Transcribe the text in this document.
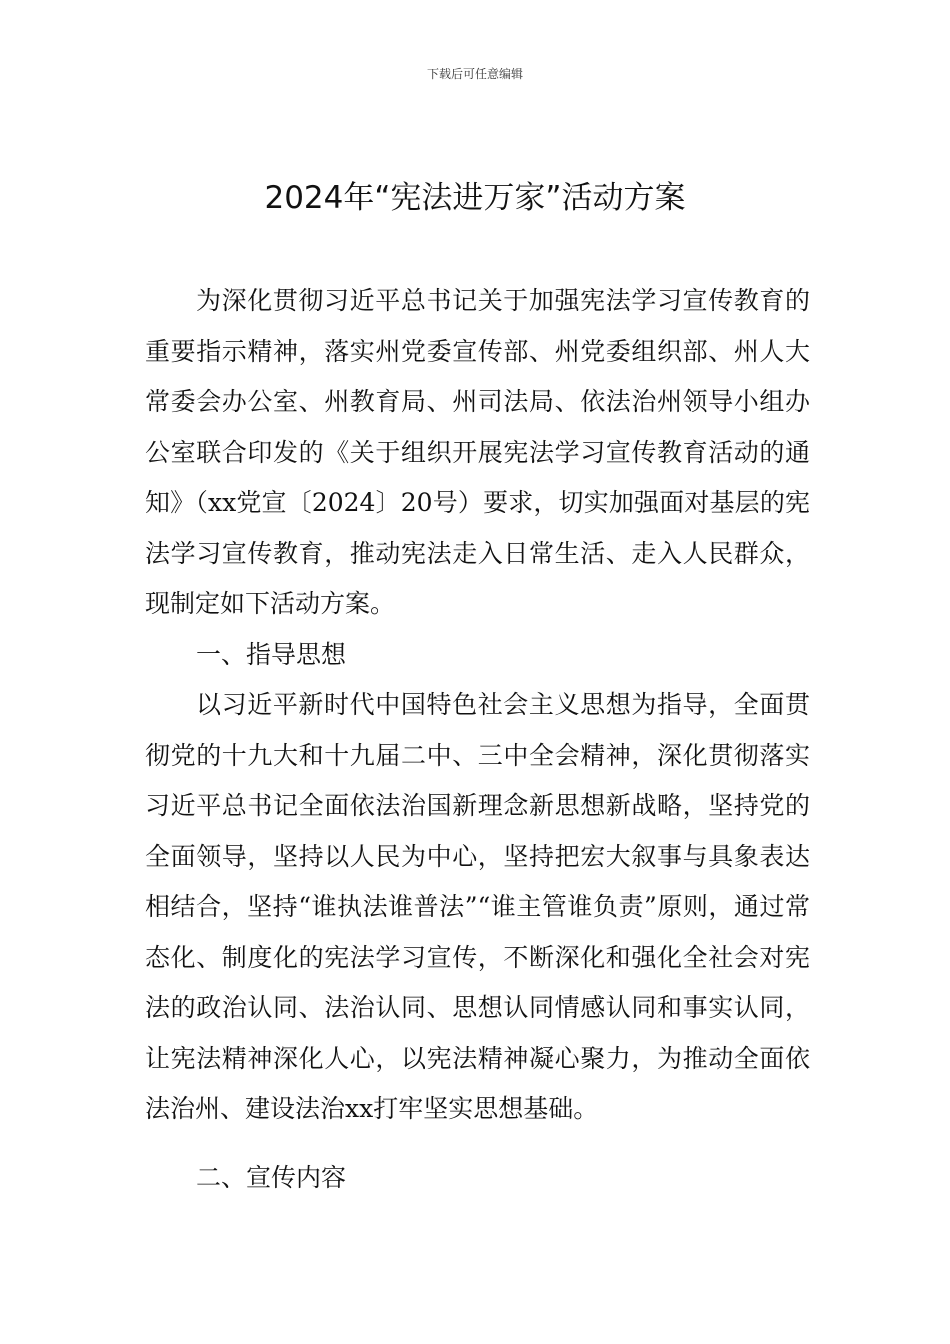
下载后可任意编辑
2024年“宪法进万家”活动方案

为深化贯彻习近平总书记关于加强宪法学习宣传教育的重要指示精神，落实州党委宣传部、州党委组织部、州人大常委会办公室、州教育局、州司法局、依法治州领导小组办公室联合印发的《关于组织开展宪法学习宣传教育活动的通知》（xx党宣〔2024〕20号）要求，切实加强面对基层的宪法学习宣传教育，推动宪法走入日常生活、走入人民群众，现制定如下活动方案。

一、指导思想

以习近平新时代中国特色社会主义思想为指导，全面贯彻党的十九大和十九届二中、三中全会精神，深化贯彻落实习近平总书记全面依法治国新理念新思想新战略，坚持党的全面领导，坚持以人民为中心，坚持把宏大叙事与具象表达相结合，坚持“谁执法谁普法”“谁主管谁负责”原则，通过常态化、制度化的宪法学习宣传，不断深化和强化全社会对宪法的政治认同、法治认同、思想认同情感认同和事实认同，让宪法精神深化人心，以宪法精神凝心聚力，为推动全面依法治州、建设法治xx打牢坚实思想基础。

二、宣传内容
